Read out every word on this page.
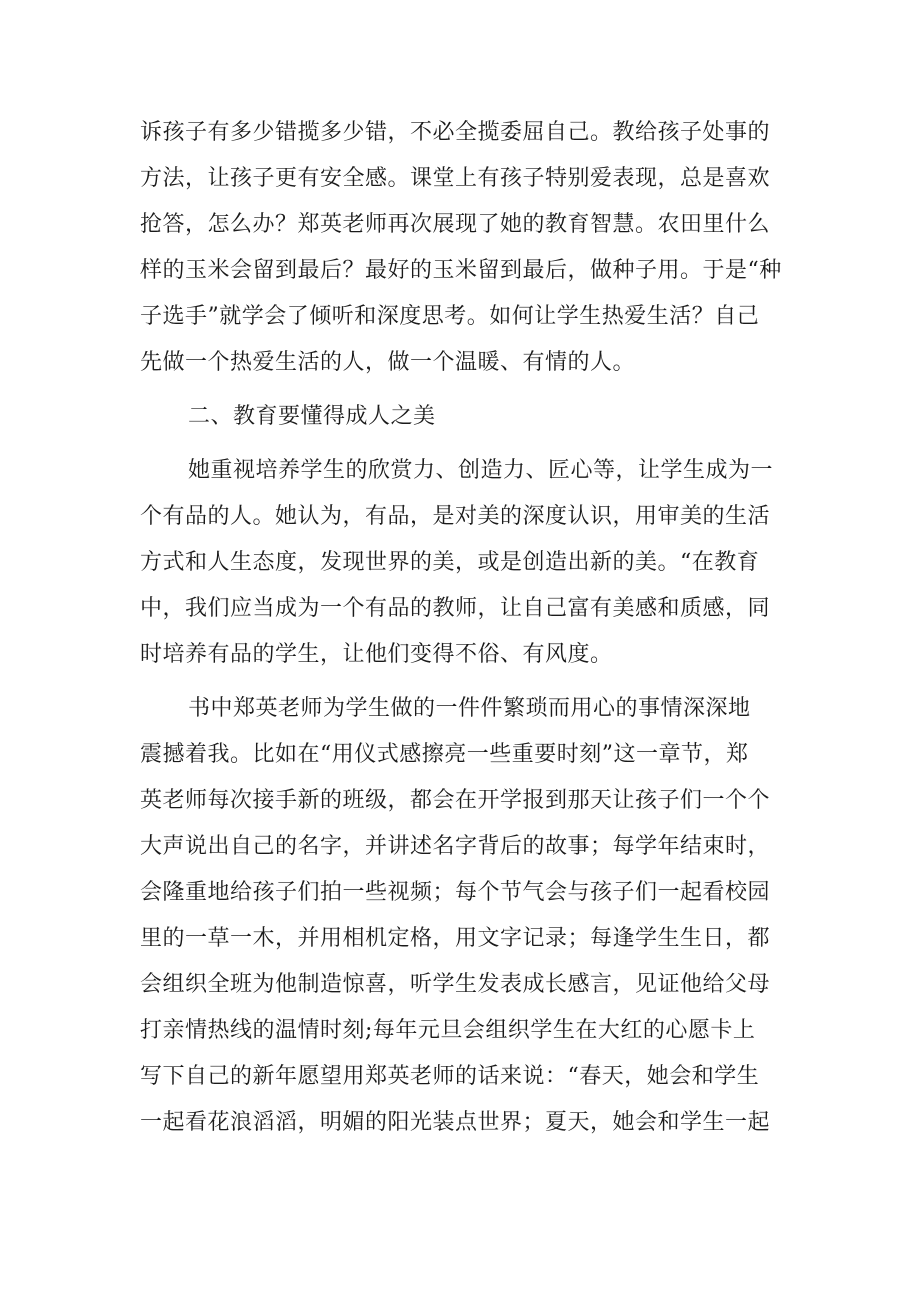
诉孩子有多少错揽多少错，不必全揽委屈自己。教给孩子处事的
方法，让孩子更有安全感。课堂上有孩子特别爱表现，总是喜欢
抢答，怎么办？郑英老师再次展现了她的教育智慧。农田里什么
样的玉米会留到最后？最好的玉米留到最后，做种子用。于是“种
子选手”就学会了倾听和深度思考。如何让学生热爱生活？自己
先做一个热爱生活的人，做一个温暖、有情的人。
二、教育要懂得成人之美
她重视培养学生的欣赏力、创造力、匠心等，让学生成为一
个有品的人。她认为，有品，是对美的深度认识，用审美的生活
方式和人生态度，发现世界的美，或是创造出新的美。“在教育
中，我们应当成为一个有品的教师，让自己富有美感和质感，同
时培养有品的学生，让他们变得不俗、有风度。
书中郑英老师为学生做的一件件繁琐而用心的事情深深地
震撼着我。比如在“用仪式感擦亮一些重要时刻”这一章节，郑
英老师每次接手新的班级，都会在开学报到那天让孩子们一个个
大声说出自己的名字，并讲述名字背后的故事；每学年结束时，
会隆重地给孩子们拍一些视频；每个节气会与孩子们一起看校园
里的一草一木，并用相机定格，用文字记录；每逢学生生日，都
会组织全班为他制造惊喜，听学生发表成长感言，见证他给父母
打亲情热线的温情时刻;每年元旦会组织学生在大红的心愿卡上
写下自己的新年愿望用郑英老师的话来说：“春天，她会和学生
一起看花浪滔滔，明媚的阳光装点世界；夏天，她会和学生一起
